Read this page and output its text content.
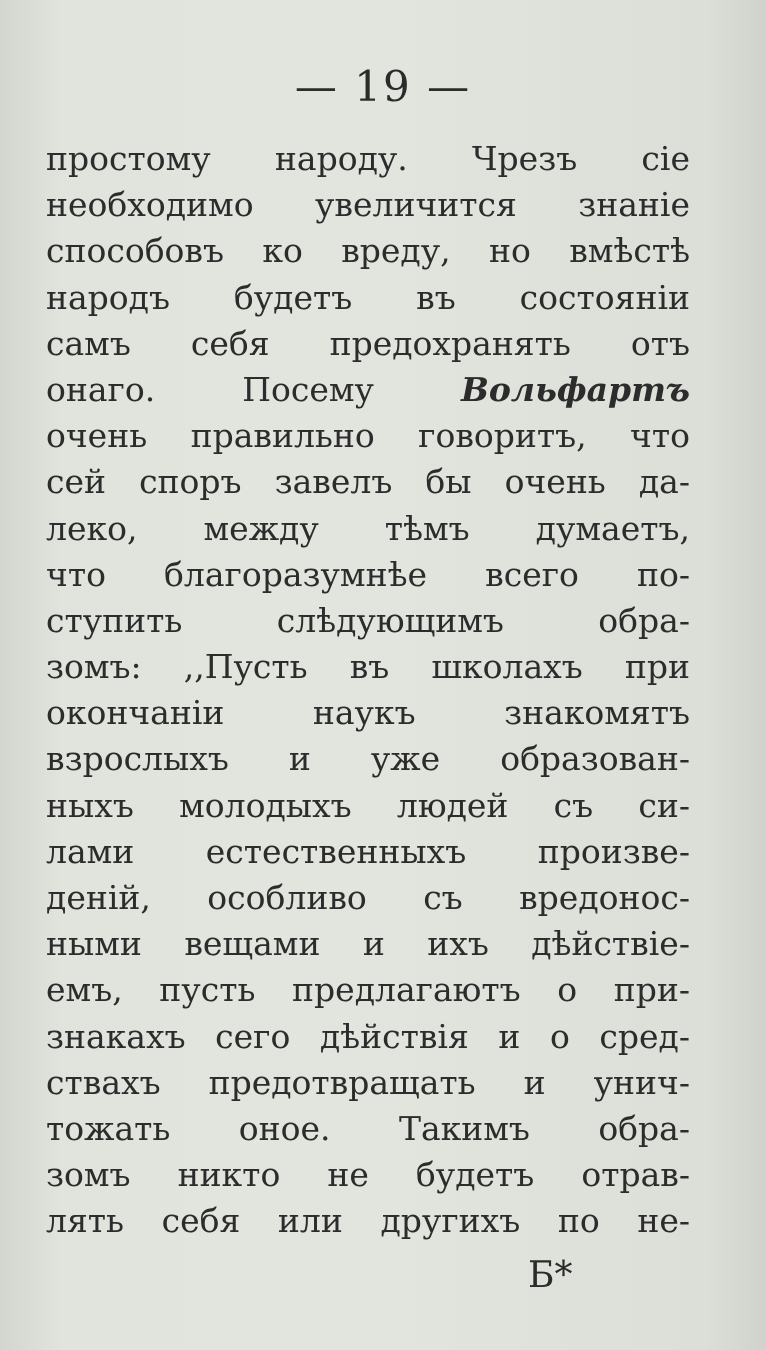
— 19 —
простому народу. Чрезъ сіе
необходимо увеличится знаніе
способовъ ко вреду, но вмѣстѣ
народъ будетъ въ состояніи
самъ себя предохранять отъ
онаго. Посему	Вольфартъ
очень правильно говоритъ, что
сей споръ завелъ бы очень да-
леко, между тѣмъ думаетъ,
что благоразумнѣе всего по-
ступить слѣдующимъ обра-
зомъ: ,,Пусть въ школахъ при
окончаніи наукъ знакомятъ
взрослыхъ и уже образован-
ныхъ молодыхъ людей съ си-
лами естественныхъ произве-
деній, особливо съ вредонос-
ными вещами и ихъ дѣйствіе-
емъ, пусть предлагаютъ о при-
знакахъ сего дѣйствія и о сред-
ствахъ предотвращать и унич-
тожать оное. Такимъ обра-
зомъ никто не будетъ отрав-
лять себя или другихъ по не-
Б*
